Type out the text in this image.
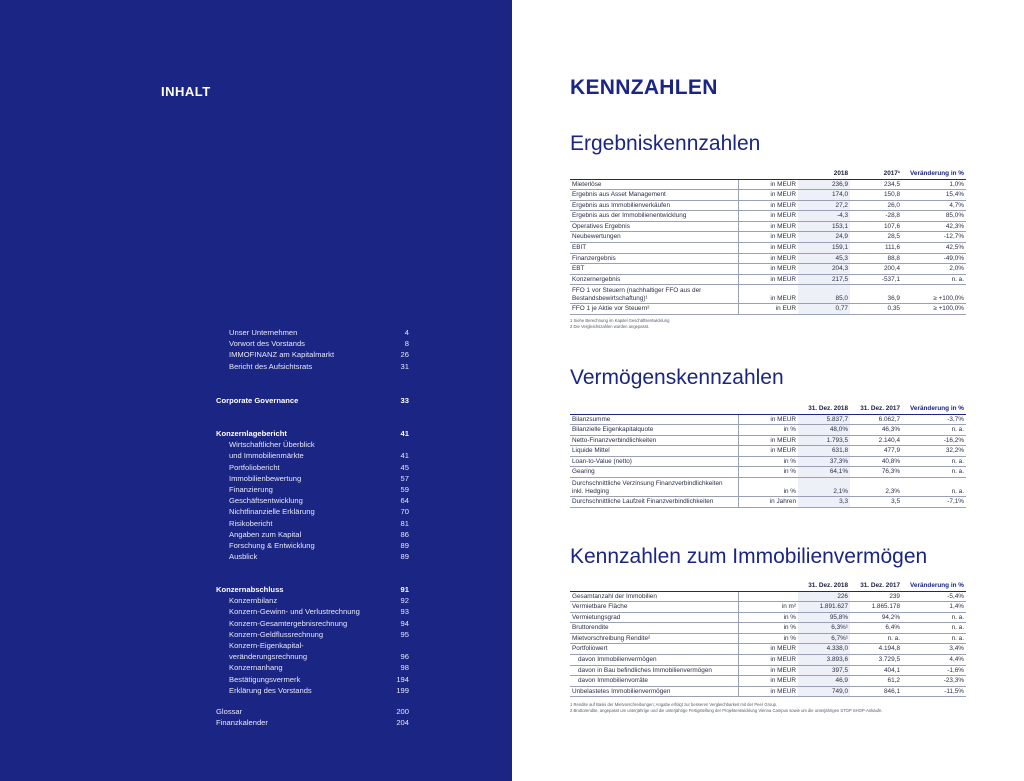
INHALT
Unser Unternehmen	4
Vorwort des Vorstands	8
IMMOFINANZ am Kapitalmarkt	26
Bericht des Aufsichtsrats	31
Corporate Governance	33
Konzernlagebericht	41
Wirtschaftlicher Überblick
und Immobilienmärkte	41
Portfoliobericht	45
Immobilienbewertung	57
Finanzierung	59
Geschäftsentwicklung	64
Nichtfinanzielle Erklärung	70
Risikobericht	81
Angaben zum Kapital	86
Forschung & Entwicklung	89
Ausblick	89
Konzernabschluss	91
Konzernbilanz	92
Konzern-Gewinn- und Verlustrechnung	93
Konzern-Gesamtergebnisrechnung	94
Konzern-Geldflussrechnung	95
Konzern-Eigenkapital-
veränderungsrechnung	96
Konzernanhang	98
Bestätigungsvermerk	194
Erklärung des Vorstands	199
Glossar	200
Finanzkalender	204
KENNZAHLEN
Ergebniskennzahlen
		2018	2017¹	Veränderung in %
Mieterlöse	in MEUR	236,9	234,5	1,0%
Ergebnis aus Asset Management	in MEUR	174,0	150,8	15,4%
Ergebnis aus Immobilienverkäufen	in MEUR	27,2	26,0	4,7%
Ergebnis aus der Immobilienentwicklung	in MEUR	-4,3	-28,8	85,0%
Operatives Ergebnis	in MEUR	153,1	107,6	42,3%
Neubewertungen	in MEUR	24,9	28,5	-12,7%
EBIT	in MEUR	159,1	111,6	42,5%
Finanzergebnis	in MEUR	45,3	88,8	-49,0%
EBT	in MEUR	204,3	200,4	2,0%
Konzernergebnis	in MEUR	217,5	-537,1	n. a.
FFO 1 vor Steuern (nachhaltiger FFO aus der Bestandsbewirtschaftung)¹	in MEUR	85,0	36,9	≥ +100,0%
FFO 1 je Aktie vor Steuern²	in EUR	0,77	0,35	≥ +100,0%
1 Siehe Berechnung im Kapitel Geschäftsentwicklung
2 Die Vergleichszahlen wurden angepasst.
Vermögenskennzahlen
		31. Dez. 2018	31. Dez. 2017	Veränderung in %
Bilanzsumme	in MEUR	5.837,7	6.062,7	-3,7%
Bilanzielle Eigenkapitalquote	in %	48,0%	46,3%	n. a.
Netto-Finanzverbindlichkeiten	in MEUR	1.793,5	2.140,4	-16,2%
Liquide Mittel	in MEUR	631,8	477,9	32,2%
Loan-to-Value (netto)	in %	37,3%	40,8%	n. a.
Gearing	in %	64,1%	76,3%	n. a.
Durchschnittliche Verzinsung Finanzverbindlichkeiten inkl. Hedging	in %	2,1%	2,3%	n. a.
Durchschnittliche Laufzeit Finanzverbindlichkeiten	in Jahren	3,3	3,5	-7,1%
Kennzahlen zum Immobilienvermögen
		31. Dez. 2018	31. Dez. 2017	Veränderung in %
Gesamtanzahl der Immobilien		226	239	-5,4%
Vermietbare Fläche	in m²	1.891.627	1.865.178	1,4%
Vermietungsgrad	in %	95,8%	94,2%	n. a.
Bruttorendite	in %	6,3%¹	6,4%	n. a.
Mietvorschreibung Rendite²	in %	6,7%¹	n. a.	n. a.
Portfoliowert	in MEUR	4.338,0	4.194,8	3,4%
davon Immobilienvermögen	in MEUR	3.893,6	3.729,5	4,4%
davon in Bau befindliches Immobilienvermögen	in MEUR	397,5	404,1	-1,6%
davon Immobilienvorräte	in MEUR	46,9	61,2	-23,3%
Unbelastetes Immobilienvermögen	in MEUR	749,0	846,1	-11,5%
1 Rendite auf Basis der Mietvorschreibungen; Angabe erfolgt zur besseren Vergleichbarkeit mit der Peer Group.
2 Bruttorendite, angepasst um unterjährige und die unterjährige Fertigstellung der Projektentwicklung Vienna Campus sowie um die unterjährigen STOP SHOP-Ankäufe.
